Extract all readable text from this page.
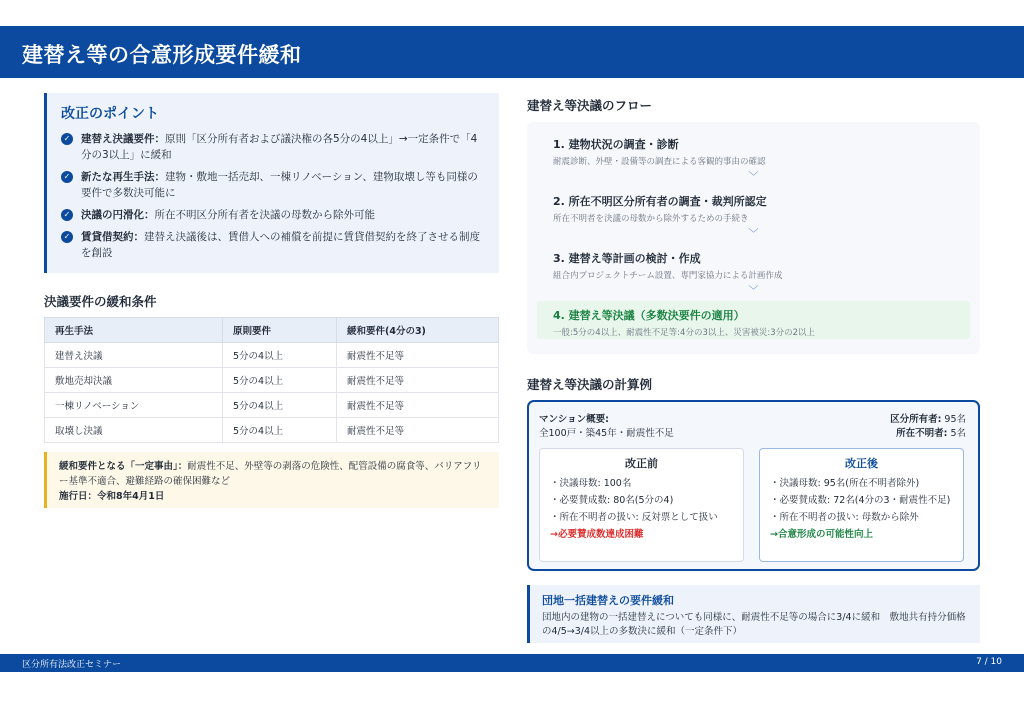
建替え等の合意形成要件緩和
改正のポイント
✓ 建替え決議要件：原則「区分所有者および議決権の各5分の4以上」→一定条件で「4分の3以上」に緩和
✓ 新たな再生手法：建物・敷地一括売却、一棟リノベーション、建物取壊し等も同様の要件で多数決可能に
✓ 決議の円滑化：所在不明区分所有者を決議の母数から除外可能
✓ 賃貸借契約：建替え決議後は、賃借人への補償を前提に賃貸借契約を終了させる制度を創設
決議要件の緩和条件
再生手法	原則要件	緩和要件(4分の3)
建替え決議	5分の4以上	耐震性不足等
敷地売却決議	5分の4以上	耐震性不足等
一棟リノベーション	5分の4以上	耐震性不足等
取壊し決議	5分の4以上	耐震性不足等
緩和要件となる「一定事由」：耐震性不足、外壁等の剥落の危険性、配管設備の腐食等、バリアフリー基準不適合、避難経路の確保困難など
施行日：令和8年4月1日
建替え等決議のフロー
1. 建物状況の調査・診断
耐震診断、外壁・設備等の調査による客観的事由の確認
﹀
2. 所在不明区分所有者の調査・裁判所認定
所在不明者を決議の母数から除外するための手続き
﹀
3. 建替え等計画の検討・作成
組合内プロジェクトチーム設置、専門家協力による計画作成
﹀
4. 建替え等決議（多数決要件の適用）
一般:5分の4以上、耐震性不足等:4分の3以上、災害被災:3分の2以上
建替え等決議の計算例
マンション概要:
全100戸・築45年・耐震性不足
区分所有者: 95名
所在不明者: 5名
改正前
・決議母数: 100名
・必要賛成数: 80名(5分の4)
・所在不明者の扱い: 反対票として扱い
→必要賛成数達成困難
改正後
・決議母数: 95名(所在不明者除外)
・必要賛成数: 72名(4分の3・耐震性不足)
・所在不明者の扱い: 母数から除外
→合意形成の可能性向上
団地一括建替えの要件緩和
団地内の建物の一括建替えについても同様に、耐震性不足等の場合に3/4に緩和　敷地共有持分価格の4/5→3/4以上の多数決に緩和（一定条件下）
区分所有法改正セミナー	7 / 10
